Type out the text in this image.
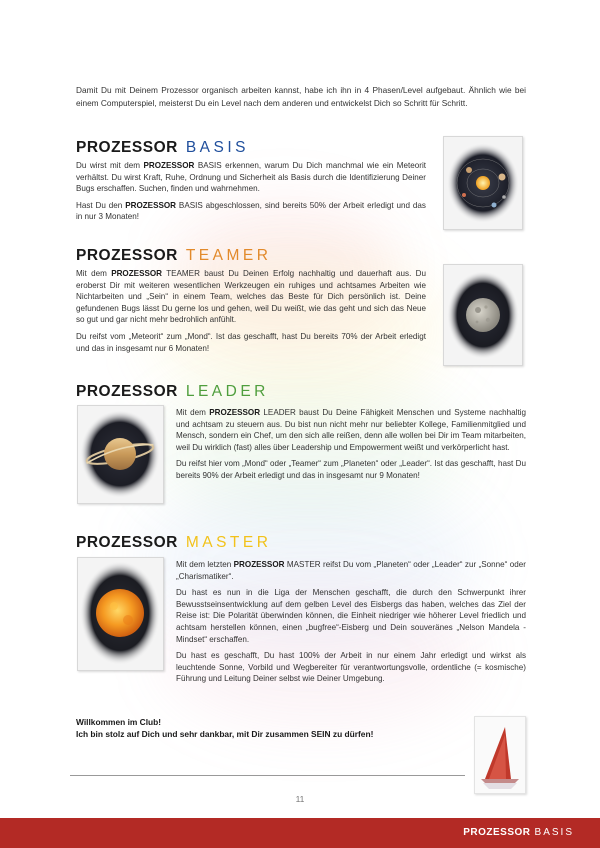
Damit Du mit Deinem Prozessor organisch arbeiten kannst, habe ich ihn in 4 Phasen/Level aufgebaut. Ähnlich wie bei einem Computerspiel, meisterst Du ein Level nach dem anderen und entwickelst Dich so Schritt für Schritt.
PROZESSOR BASIS

Du wirst mit dem PROZESSOR BASIS erkennen, warum Du Dich manchmal wie ein Meteorit verhältst. Du wirst Kraft, Ruhe, Ordnung und Sicherheit als Basis durch die Identifizierung Deiner Bugs erschaffen. Suchen, finden und wahrnehmen.

Hast Du den PROZESSOR BASIS abgeschlossen, sind bereits 50% der Arbeit erledigt und das in nur 3 Monaten!

PROZESSOR TEAMER

Mit dem PROZESSOR TEAMER baust Du Deinen Erfolg nachhaltig und dauerhaft aus. Du eroberst Dir mit weiteren wesentlichen Werkzeugen ein ruhiges und achtsames Arbeiten wie Nichtarbeiten und „Sein“ in einem Team, welches das Beste für Dich persönlich ist. Deine gefundenen Bugs lässt Du gerne los und gehen, weil Du weißt, wie das geht und sich das Neue so gut und gar nicht mehr bedrohlich anfühlt.

Du reifst vom „Meteorit“ zum „Mond“. Ist das geschafft, hast Du bereits 70% der Arbeit erledigt und das in insgesamt nur 6 Monaten!

PROZESSOR LEADER

Mit dem PROZESSOR LEADER baust Du Deine Fähigkeit Menschen und Systeme nachhaltig und achtsam zu steuern aus. Du bist nun nicht mehr nur beliebter Kollege, Familienmitglied und Mensch, sondern ein Chef, um den sich alle reißen, denn alle wollen bei Dir im Team mitarbeiten, weil Du wirklich (fast) alles über Leadership und Empowerment weißt und verkörperlicht hast.

Du reifst hier vom „Mond“ oder „Teamer“ zum „Planeten“ oder „Leader“. Ist das geschafft, hast Du bereits 90% der Arbeit erledigt und das in insgesamt nur 9 Monaten!

PROZESSOR MASTER

Mit dem letzten PROZESSOR MASTER reifst Du vom „Planeten“ oder „Leader“ zur „Sonne“ oder „Charismatiker“.

Du hast es nun in die Liga der Menschen geschafft, die durch den Schwerpunkt ihrer Bewusstseinsentwicklung auf dem gelben Level des Eisbergs das haben, welches das Ziel der Reise ist: Die Polarität überwinden können, die Einheit niedriger wie höherer Level friedlich und achtsam herstellen können, einen „bugfree“-Eisberg und Dein souveränes „Nelson Mandela - Mindset“ erschaffen.

Du hast es geschafft, Du hast 100% der Arbeit in nur einem Jahr erledigt und wirkst als leuchtende Sonne, Vorbild und Wegbereiter für verantwortungsvolle, ordentliche (= kosmische) Führung und Leitung Deiner selbst wie Deiner Umgebung.

Willkommen im Club!
Ich bin stolz auf Dich und sehr dankbar, mit Dir zusammen SEIN zu dürfen!
11
PROZESSOR BASIS
